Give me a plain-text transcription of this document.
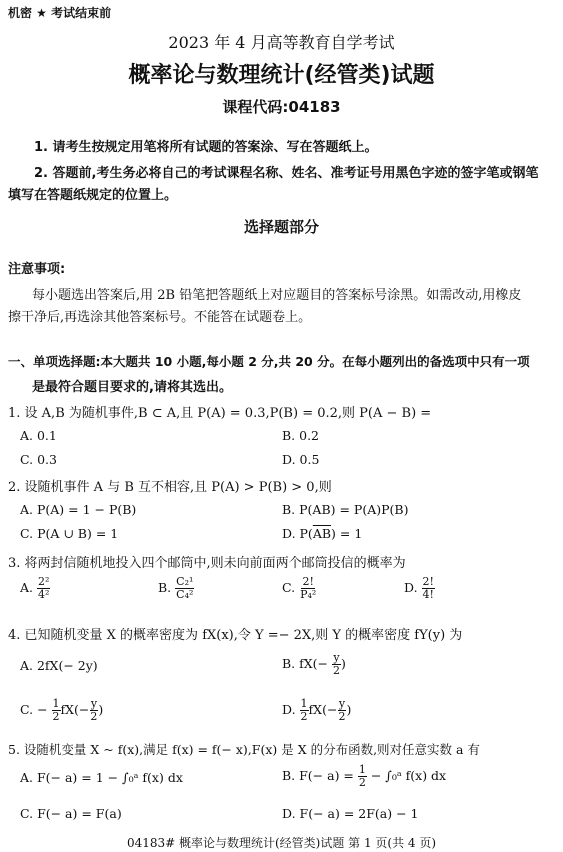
机密 ★ 考试结束前
2023 年 4 月高等教育自学考试
概率论与数理统计(经管类)试题
课程代码:04183
1. 请考生按规定用笔将所有试题的答案涂、写在答题纸上。
2. 答题前,考生务必将自己的考试课程名称、姓名、准考证号用黑色字迹的签字笔或钢笔
填写在答题纸规定的位置上。
选择题部分
注意事项:
每小题选出答案后,用 2B 铅笔把答题纸上对应题目的答案标号涂黑。如需改动,用橡皮
擦干净后,再选涂其他答案标号。不能答在试题卷上。
一、单项选择题:本大题共 10 小题,每小题 2 分,共 20 分。在每小题列出的备选项中只有一项
是最符合题目要求的,请将其选出。
1. 设 A,B 为随机事件,B ⊂ A,且 P(A) = 0.3,P(B) = 0.2,则 P(A − B) =
A. 0.1	B. 0.2
C. 0.3	D. 0.5
2. 设随机事件 A 与 B 互不相容,且 P(A) > P(B) > 0,则
A. P(A) = 1 − P(B)	B. P(AB) = P(A)P(B)
C. P(A ∪ B) = 1	D. $P(\overline{AB}) = 1$
3. 将两封信随机地投入四个邮筒中,则未向前面两个邮筒投信的概率为
A. $\frac{\text{2²}}{\text{4²}}$	B. $\frac{\text{C₂¹}}{\text{C₄²}}$	C. $\frac{2!}{\text{P₄²}}$	D. $\frac{2!}{4!}$
4. 已知随机变量 X 的概率密度为 fX(x),令 Y =− 2X,则 Y 的概率密度 fY(y) 为
A. 2fX(− 2y)	B. $fX(- \frac{y}{2}$ )
C. − $\frac{1}{2} fX(- \frac{y}{2}$ )	D. $\frac{1}{2} fX(- \frac{y}{2}$ )
5. 设随机变量 X ~ f(x),满足 f(x) = f(− x),F(x) 是 X 的分布函数,则对任意实数 a 有
A. F(− a) = 1 − ∫₀ᵃ f(x) dx	B. $F(- a) = \frac{1}{2}$ − ∫₀ᵃ f(x) dx
C. F(− a) = F(a)	D. F(− a) = 2F(a) − 1
04183# 概率论与数理统计(经管类)试题 第 1 页(共 4 页)
